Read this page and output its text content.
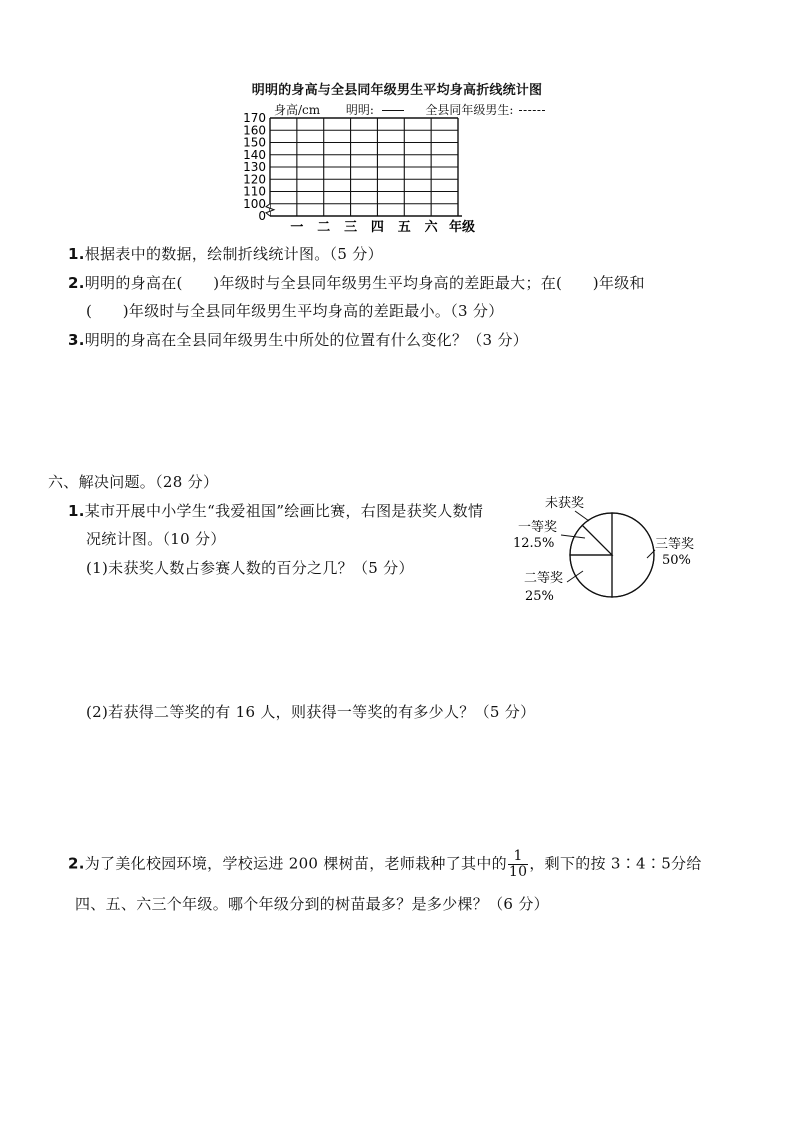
明明的身高与全县同年级男生平均身高折线统计图
身高/cm 明明:	全县同年级男生:
170
160
150
140
130
120
110
100
0
一 二 三 四 五 六 年级
1.根据表中的数据，绘制折线统计图。（5 分）
2.明明的身高在(　　)年级时与全县同年级男生平均身高的差距最大；在(　　)年级和
(　　)年级时与全县同年级男生平均身高的差距最小。（3 分）
3.明明的身高在全县同年级男生中所处的位置有什么变化？（3 分）
六、解决问题。（28 分）
1.某市开展中小学生“我爱祖国”绘画比赛，右图是获奖人数情
况统计图。（10 分）
(1)未获奖人数占参赛人数的百分之几？（5 分）
未获奖
一等奖
12.5%	三等奖
50%
二等奖
25%
(2)若获得二等奖的有 16 人，则获得一等奖的有多少人？（5 分）
2.为了美化校园环境，学校运进 200 棵树苗，老师栽种了其中的 $\frac{1}{10}$ ，剩下的按 3∶4∶5分给
四、五、六三个年级。哪个年级分到的树苗最多？是多少棵？（6 分）
